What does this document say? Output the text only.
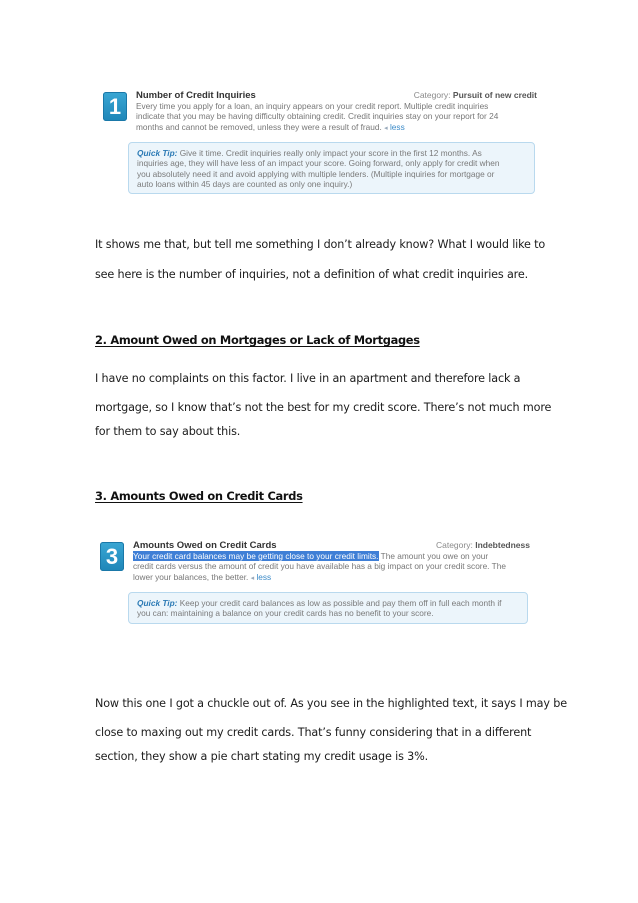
1	Number of Credit Inquiries	Category: Pursuit of new credit
Every time you apply for a loan, an inquiry appears on your credit report. Multiple credit inquiries
indicate that you may be having difficulty obtaining credit. Credit inquiries stay on your report for 24
months and cannot be removed, unless they were a result of fraud. ◂ less
Quick Tip: Give it time. Credit inquiries really only impact your score in the first 12 months. As
inquiries age, they will have less of an impact your score. Going forward, only apply for credit when
you absolutely need it and avoid applying with multiple lenders. (Multiple inquiries for mortgage or
auto loans within 45 days are counted as only one inquiry.)
It shows me that, but tell me something I don’t already know? What I would like to
see here is the number of inquiries, not a definition of what credit inquiries are.
2. Amount Owed on Mortgages or Lack of Mortgages
I have no complaints on this factor. I live in an apartment and therefore lack a
mortgage, so I know that’s not the best for my credit score. There’s not much more
for them to say about this.
3. Amounts Owed on Credit Cards
3	Amounts Owed on Credit Cards	Category: Indebtedness
Your credit card balances may be getting close to your credit limits. The amount you owe on your
credit cards versus the amount of credit you have available has a big impact on your credit score. The
lower your balances, the better. ◂ less
Quick Tip: Keep your credit card balances as low as possible and pay them off in full each month if
you can: maintaining a balance on your credit cards has no benefit to your score.
Now this one I got a chuckle out of. As you see in the highlighted text, it says I may be
close to maxing out my credit cards. That’s funny considering that in a different
section, they show a pie chart stating my credit usage is 3%.
